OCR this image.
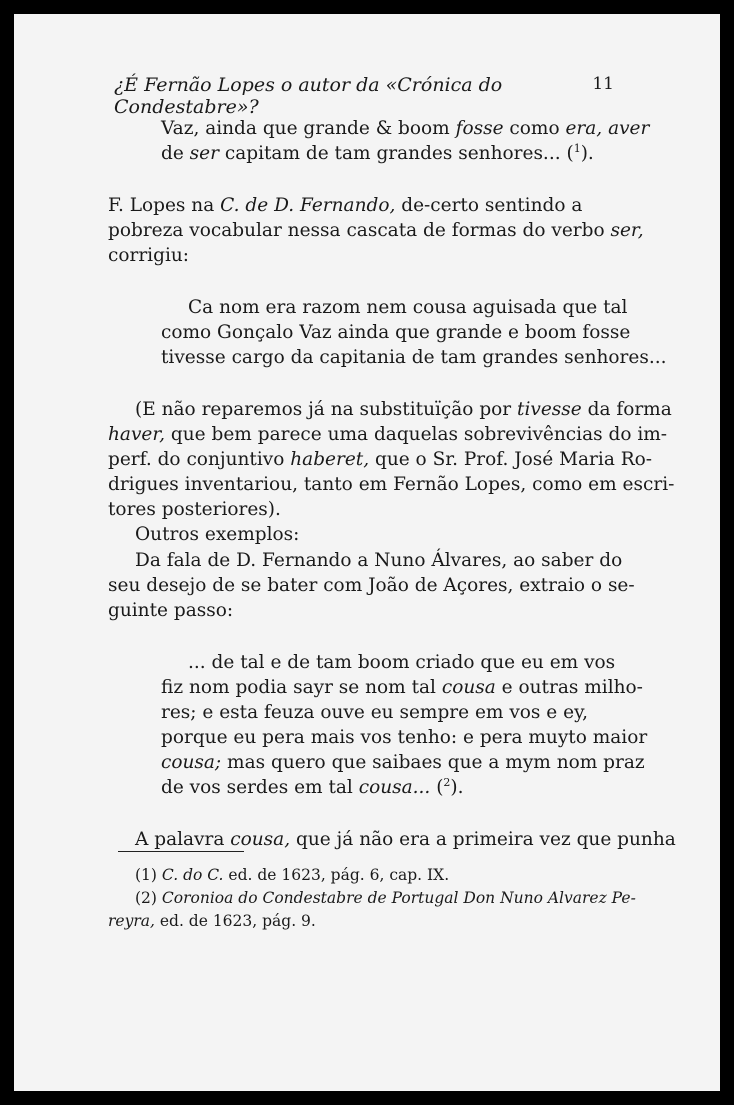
¿É Fernão Lopes o autor da «Crónica do Condestabre»?
11
Vaz, ainda que grande & boom fosse como era, aver
de ser capitam de tam grandes senhores... ($^1$).
F. Lopes na C. de D. Fernando, de-certo sentindo a
pobreza vocabular nessa cascata de formas do verbo ser,
corrigiu:
Ca nom era razom nem cousa aguisada que tal
como Gonçalo Vaz ainda que grande e boom fosse
tivesse cargo da capitania de tam grandes senhores...
(E não reparemos já na substituïção por tivesse da forma
haver, que bem parece uma daquelas sobrevivências do im-
perf. do conjuntivo haberet, que o Sr. Prof. José Maria Ro-
drigues inventariou, tanto em Fernão Lopes, como em escri-
tores posteriores).
Outros exemplos:
Da fala de D. Fernando a Nuno Álvares, ao saber do
seu desejo de se bater com João de Açores, extraio o se-
guinte passo:
... de tal e de tam boom criado que eu em vos
fiz nom podia sayr se nom tal cousa e outras milho-
res; e esta feuza ouve eu sempre em vos e ey,
porque eu pera mais vos tenho: e pera muyto maior
cousa; mas quero que saibaes que a mym nom praz
de vos serdes em tal cousa... ($^2$).
A palavra cousa, que já não era a primeira vez que punha
(1) C. do C. ed. de 1623, pág. 6, cap. IX.
(2) Coronioa do Condestabre de Portugal Don Nuno Alvarez Pe-
reyra, ed. de 1623, pág. 9.
